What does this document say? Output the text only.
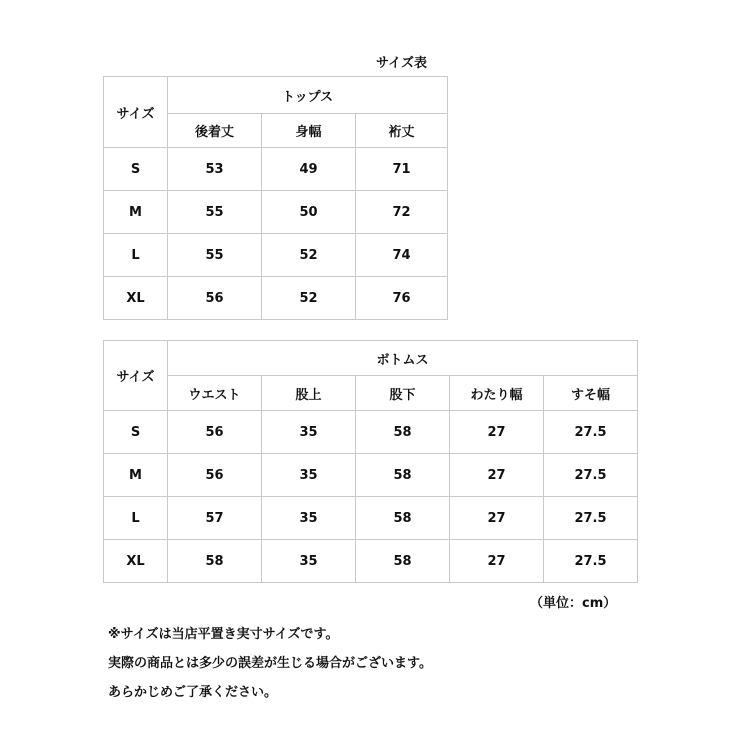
サイズ表
サイズ	トップス		
	後着丈	身幅	裄丈
S	53	49	71
M	55	50	72
L	55	52	74
XL	56	52	76
サイズ	ボトムス				
	ウエスト	股上	股下	わたり幅	すそ幅
S	56	35	58	27	27.5
M	56	35	58	27	27.5
L	57	35	58	27	27.5
XL	58	35	58	27	27.5
（単位：cm）
※サイズは当店平置き実寸サイズです。
実際の商品とは多少の誤差が生じる場合がございます。
あらかじめご了承ください。
